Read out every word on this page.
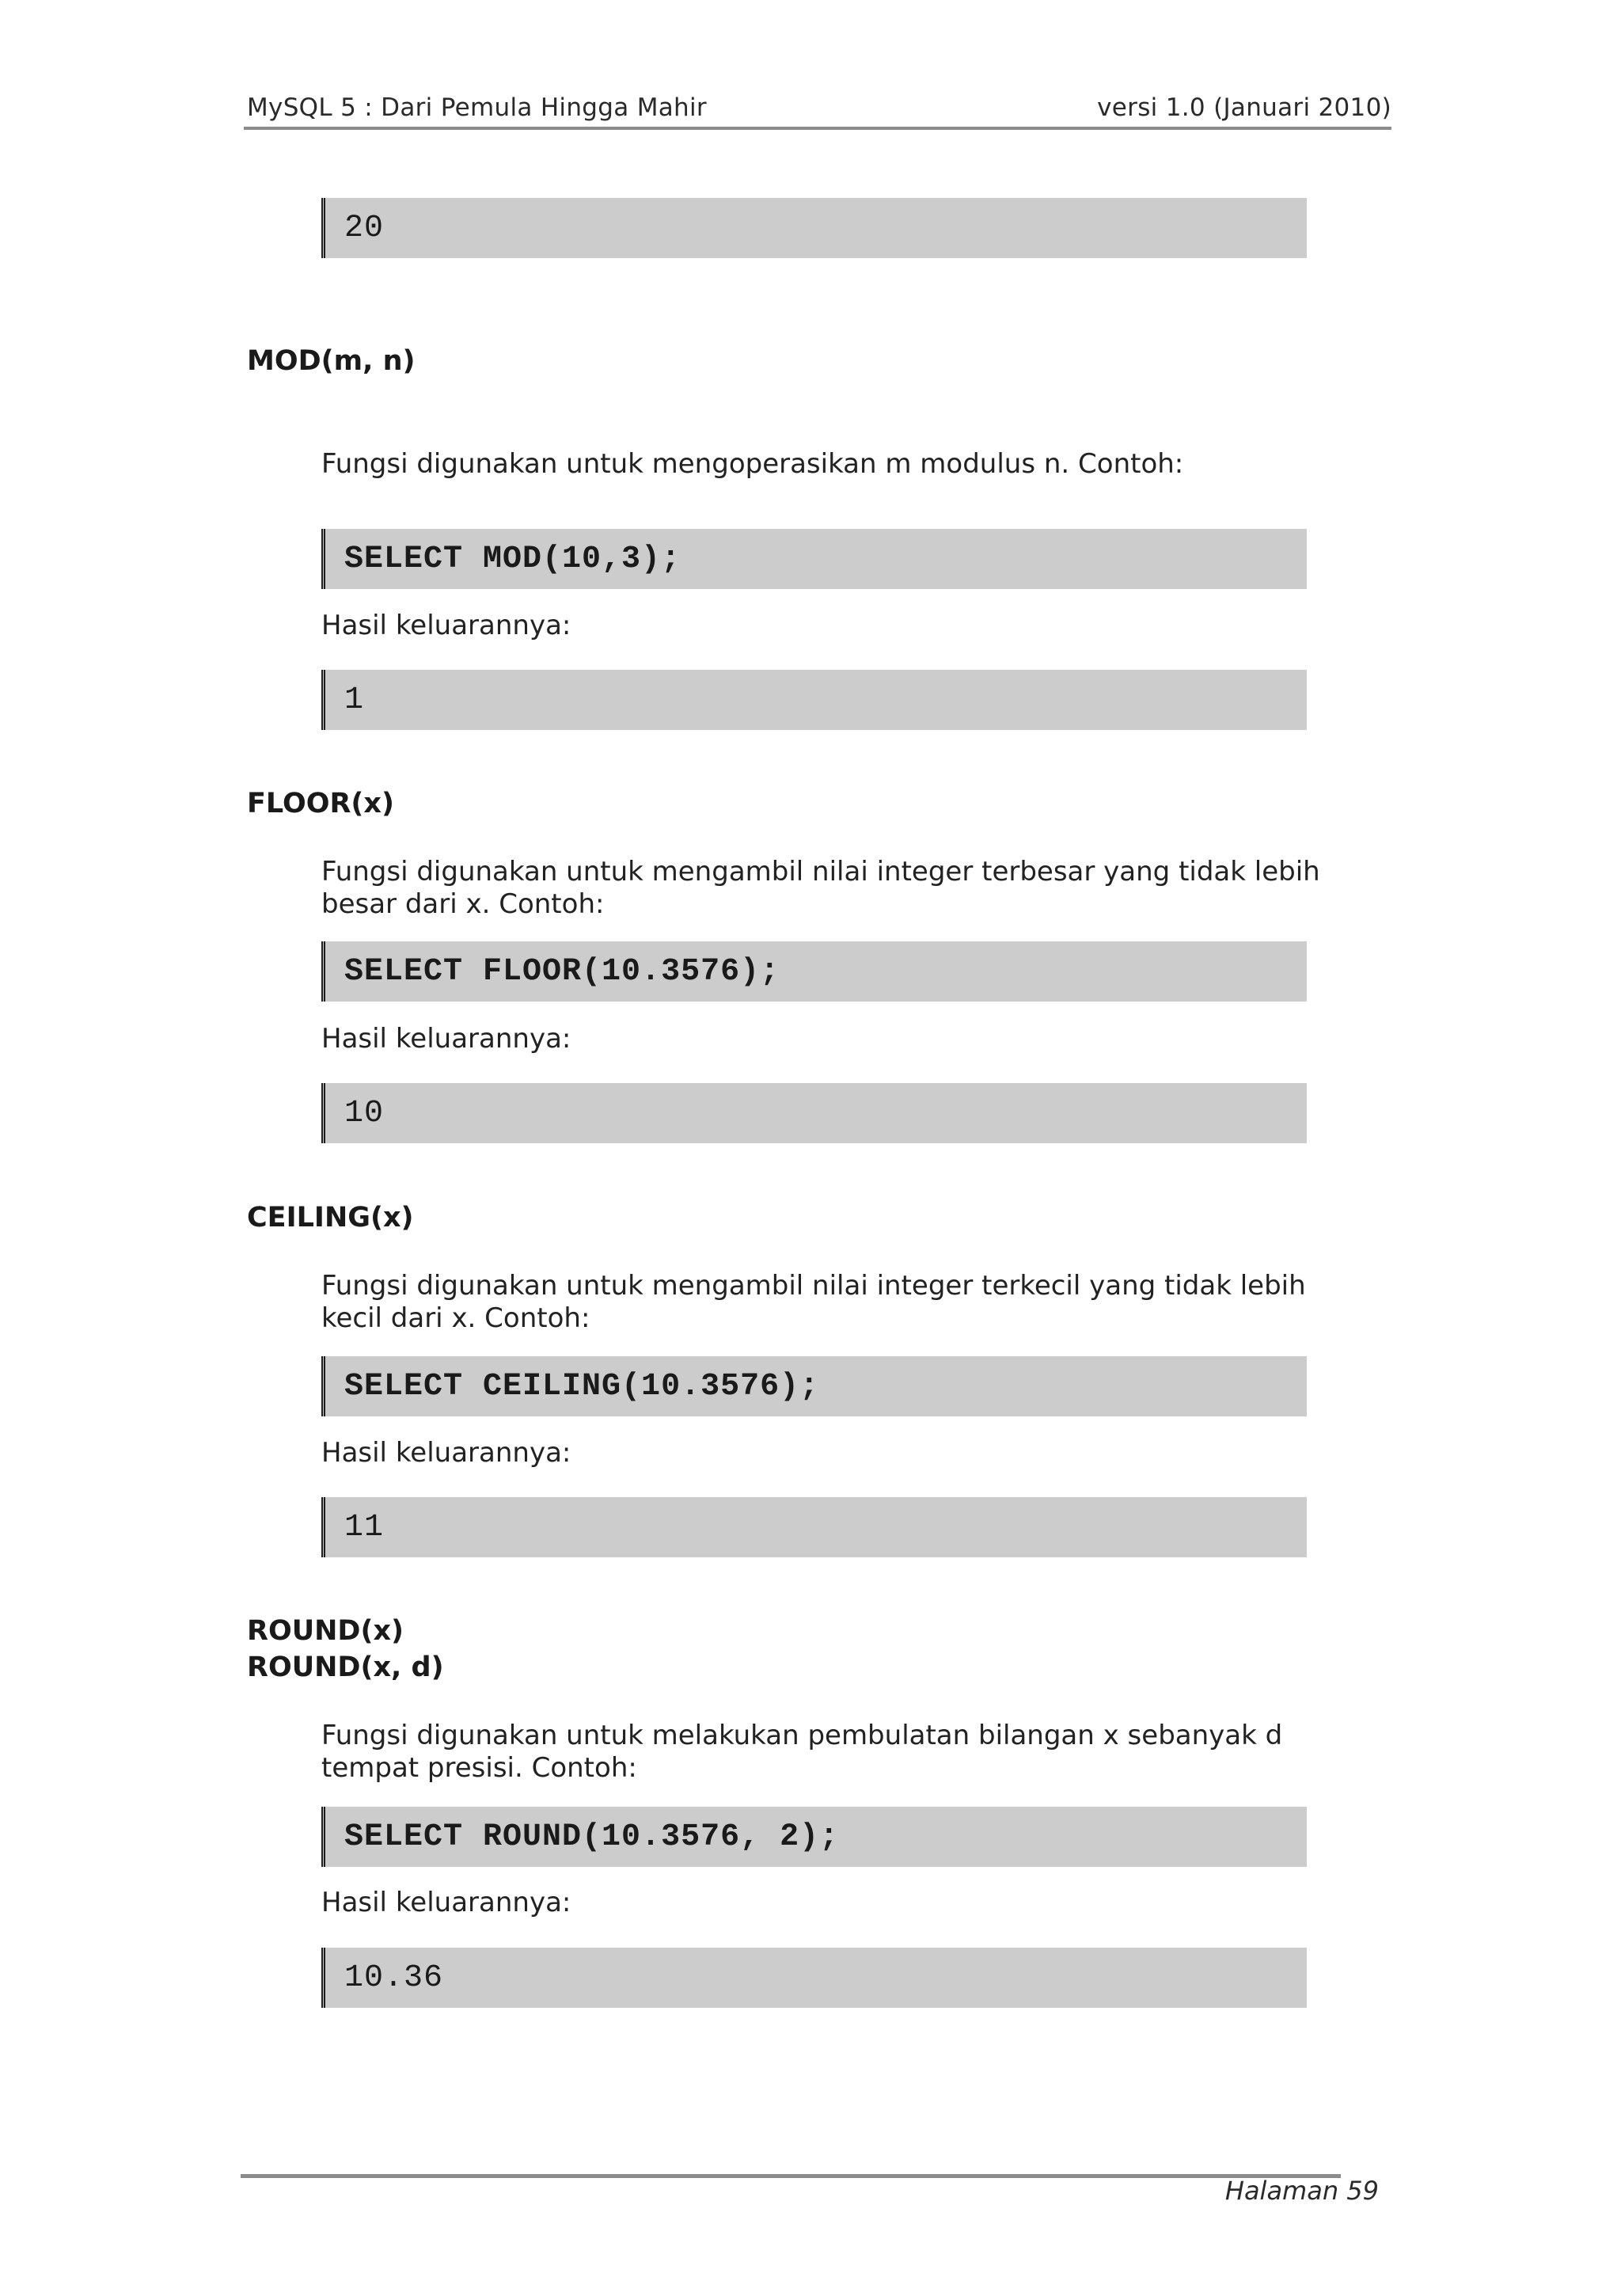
MySQL 5 : Dari Pemula Hingga Mahir	versi 1.0 (Januari 2010)
20
MOD(m, n)
Fungsi digunakan untuk mengoperasikan m modulus n. Contoh:
SELECT MOD(10,3);
Hasil keluarannya:
1
FLOOR(x)
Fungsi digunakan untuk mengambil nilai integer terbesar yang tidak lebih
besar dari x. Contoh:
SELECT FLOOR(10.3576);
Hasil keluarannya:
10
CEILING(x)
Fungsi digunakan untuk mengambil nilai integer terkecil yang tidak lebih
kecil dari x. Contoh:
SELECT CEILING(10.3576);
Hasil keluarannya:
11
ROUND(x)
ROUND(x, d)
Fungsi digunakan untuk melakukan pembulatan bilangan x sebanyak d
tempat presisi. Contoh:
SELECT ROUND(10.3576, 2);
Hasil keluarannya:
10.36
Halaman 59
